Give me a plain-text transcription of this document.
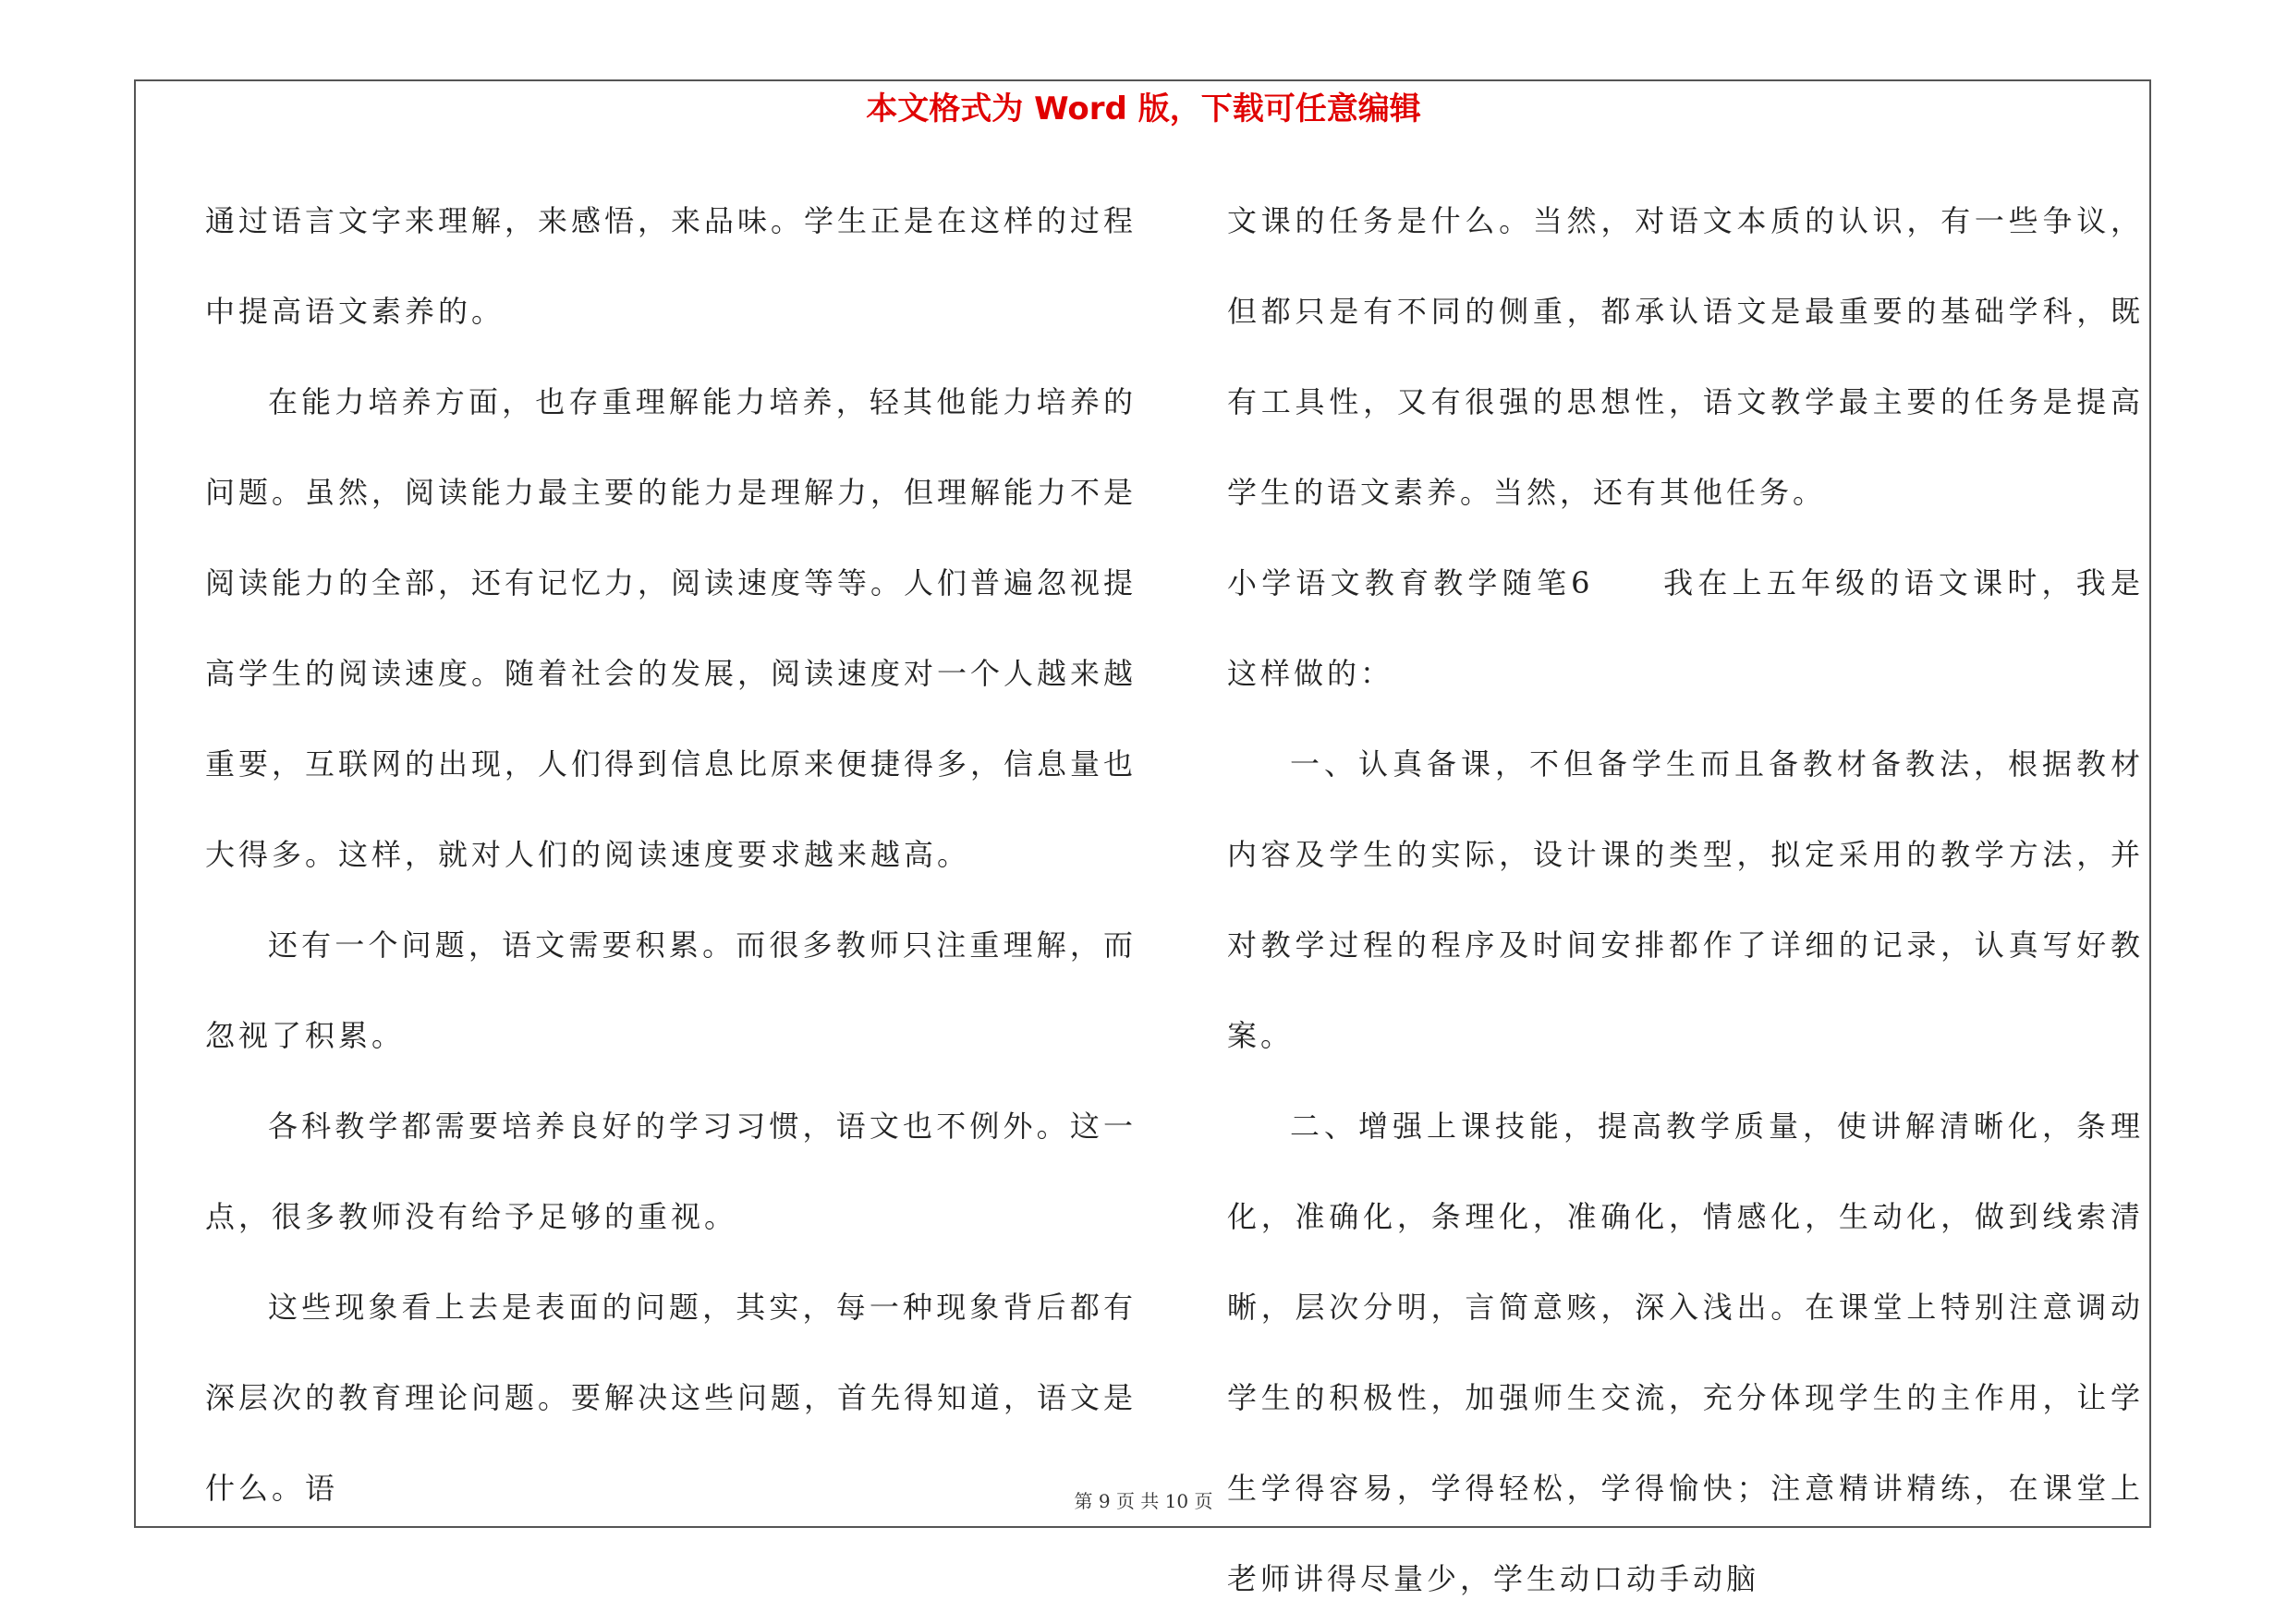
本文格式为 Word 版，下载可任意编辑

通过语言文字来理解，来感悟，来品味。学生正是在这样的过程中提高语文素养的。

在能力培养方面，也存重理解能力培养，轻其他能力培养的问题。虽然，阅读能力最主要的能力是理解力，但理解能力不是阅读能力的全部，还有记忆力，阅读速度等等。人们普遍忽视提高学生的阅读速度。随着社会的发展，阅读速度对一个人越来越重要，互联网的出现，人们得到信息比原来便捷得多，信息量也大得多。这样，就对人们的阅读速度要求越来越高。

还有一个问题，语文需要积累。而很多教师只注重理解，而忽视了积累。

各科教学都需要培养良好的学习习惯，语文也不例外。这一点，很多教师没有给予足够的重视。

这些现象看上去是表面的问题，其实，每一种现象背后都有深层次的教育理论问题。要解决这些问题，首先得知道，语文是什么。语

文课的任务是什么。当然，对语文本质的认识，有一些争议，但都只是有不同的侧重，都承认语文是最重要的基础学科，既有工具性，又有很强的思想性，语文教学最主要的任务是提高学生的语文素养。当然，还有其他任务。

小学语文教育教学随笔6　　我在上五年级的语文课时，我是这样做的：

一、认真备课，不但备学生而且备教材备教法，根据教材内容及学生的实际，设计课的类型，拟定采用的教学方法，并对教学过程的程序及时间安排都作了详细的记录，认真写好教案。

二、增强上课技能，提高教学质量，使讲解清晰化，条理化，准确化，条理化，准确化，情感化，生动化，做到线索清晰，层次分明，言简意赅，深入浅出。在课堂上特别注意调动学生的积极性，加强师生交流，充分体现学生的主作用，让学生学得容易，学得轻松，学得愉快；注意精讲精练，在课堂上老师讲得尽量少，学生动口动手动脑

第 9 页 共 10 页
